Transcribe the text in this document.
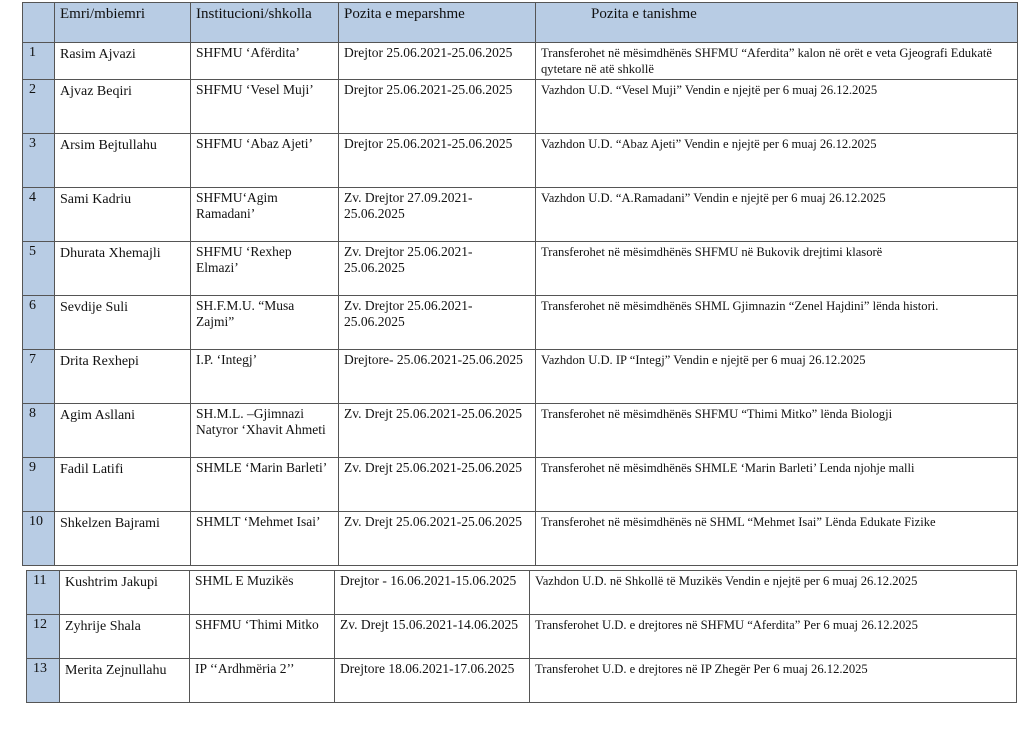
	Emri/mbiemri	Institucioni/shkolla	Pozita e meparshme	Pozita e tanishme
1	Rasim Ajvazi	SHFMU ‘Afërdita’	Drejtor 25.06.2021-25.06.2025	Transferohet në mësimdhënës SHFMU “Aferdita” kalon në orët e veta Gjeografi Edukatë qytetare në atë shkollë
2	Ajvaz Beqiri	SHFMU ‘Vesel Muji’	Drejtor 25.06.2021-25.06.2025	Vazhdon U.D. “Vesel Muji” Vendin e njejtë per 6 muaj 26.12.2025
3	Arsim Bejtullahu	SHFMU ‘Abaz Ajeti’	Drejtor 25.06.2021-25.06.2025	Vazhdon U.D. “Abaz Ajeti” Vendin e njejtë per 6 muaj 26.12.2025
4	Sami Kadriu	SHFMU‘Agim Ramadani’	Zv. Drejtor 27.09.2021-25.06.2025	Vazhdon U.D. “A.Ramadani” Vendin e njejtë per 6 muaj 26.12.2025
5	Dhurata Xhemajli	SHFMU ‘Rexhep Elmazi’	Zv. Drejtor 25.06.2021-25.06.2025	Transferohet në mësimdhënës SHFMU në Bukovik drejtimi klasorë
6	Sevdije Suli	SH.F.M.U. “Musa Zajmi”	Zv. Drejtor 25.06.2021-25.06.2025	Transferohet në mësimdhënës SHML Gjimnazin “Zenel Hajdini” lënda histori.
7	Drita Rexhepi	I.P. ‘Integj’	Drejtore- 25.06.2021-25.06.2025	Vazhdon U.D. IP “Integj” Vendin e njejtë per 6 muaj 26.12.2025
8	Agim Asllani	SH.M.L. –Gjimnazi Natyror ‘Xhavit Ahmeti	Zv. Drejt 25.06.2021-25.06.2025	Transferohet në mësimdhënës SHFMU “Thimi Mitko” lënda Biologji
9	Fadil Latifi	SHMLE ‘Marin Barleti’	Zv. Drejt 25.06.2021-25.06.2025	Transferohet në mësimdhënës SHMLE ‘Marin Barleti’ Lenda njohje malli
10	Shkelzen Bajrami	SHMLT ‘Mehmet Isai’	Zv. Drejt 25.06.2021-25.06.2025	Transferohet në mësimdhënës në SHML “Mehmet Isai” Lënda Edukate Fizike
11	Kushtrim Jakupi	SHML E Muzikës	Drejtor - 16.06.2021-15.06.2025	Vazhdon U.D. në Shkollë të Muzikës Vendin e njejtë per 6 muaj 26.12.2025
12	Zyhrije Shala	SHFMU ‘Thimi Mitko	Zv. Drejt 15.06.2021-14.06.2025	Transferohet U.D. e drejtores në SHFMU “Aferdita” Per 6 muaj 26.12.2025
13	Merita Zejnullahu	IP ‘‘Ardhmëria 2’’	Drejtore 18.06.2021-17.06.2025	Transferohet U.D. e drejtores në IP Zhegër Per 6 muaj 26.12.2025
